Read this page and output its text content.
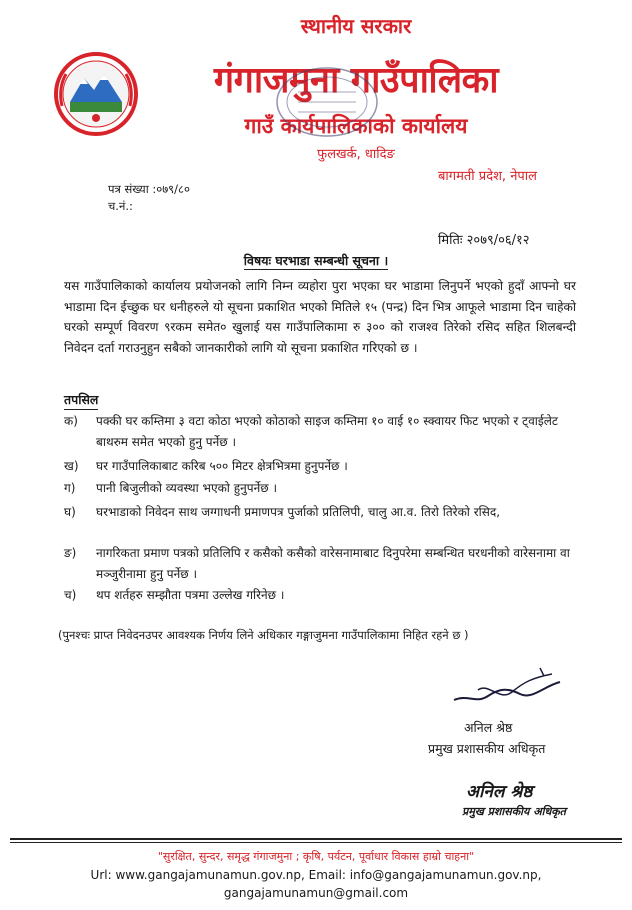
स्थानीय सरकार
गंगाजमुना गाउँपालिका
गाउँ कार्यपालिकाको कार्यालय
फुलखर्क, धादिङ
बागमती प्रदेश, नेपाल
पत्र संख्या :०७९/८०
च.नं.:
मितिः २०७९/०६/१२
विषयः घरभाडा सम्बन्धी सूचना ।
यस गाउँपालिकाको कार्यालय प्रयोजनको लागि निम्न व्यहोरा पुरा भएका घर भाडामा लिनुपर्ने भएको हुदाँ आफ्नो घर भाडामा दिन ईच्छुक घर धनीहरुले यो सूचना प्रकाशित भएको मितिले १५ (पन्द्र) दिन भित्र आफूले भाडामा दिन चाहेको घरको सम्पूर्ण विवरण ९रकम समेत० खुलाई यस गाउँपालिकामा रु ३०० को राजश्व तिरेको रसिद सहित शिलबन्दी निवेदन दर्ता गराउनुहुन सबैको जानकारीको लागि यो सूचना प्रकाशित गरिएको छ ।
तपसिल
क)	पक्की घर कम्तिमा ३ वटा कोठा भएको कोठाको साइज कम्तिमा १० वाई १० स्क्वायर फिट भएको र ट्वाईलेट बाथरुम समेत भएको हुनु पर्नेछ ।
ख)	घर गाउँपालिकाबाट करिब ५०० मिटर क्षेत्रभित्रमा हुनुपर्नेछ ।
ग)	पानी बिजुलीको व्यवस्था भएको हुनुपर्नेछ ।
घ)	घरभाडाको निवेदन साथ जग्गाधनी प्रमाणपत्र पुर्जाको प्रतिलिपी, चालु आ.व. तिरो तिरेको रसिद,
ङ)	नागरिकता प्रमाण पत्रको प्रतिलिपि र कसैको कसैको वारेसनामाबाट दिनुपरेमा सम्बन्धित घरधनीको वारेसनामा वा मञ्जुरीनामा हुनु पर्नेछ ।
च)	थप शर्तहरु सम्झौता पत्रमा उल्लेख गरिनेछ ।
(पुनश्चः प्राप्त निवेदनउपर आवश्यक निर्णय लिने अधिकार गङ्गाजुमना गाउँपालिकामा निहित रहने छ )
अनिल श्रेष्ठ
प्रमुख प्रशासकीय अधिकृत
अनिल श्रेष्ठ
प्रमुख प्रशासकीय अधिकृत
"सुरक्षित, सुन्दर, समृद्ध गंगाजमुना ; कृषि, पर्यटन, पूर्वाधार विकास हाम्रो चाहना"
Url: www.gangajamunamun.gov.np, Email: info@gangajamunamun.gov.np,
gangajamunamun@gmail.com
